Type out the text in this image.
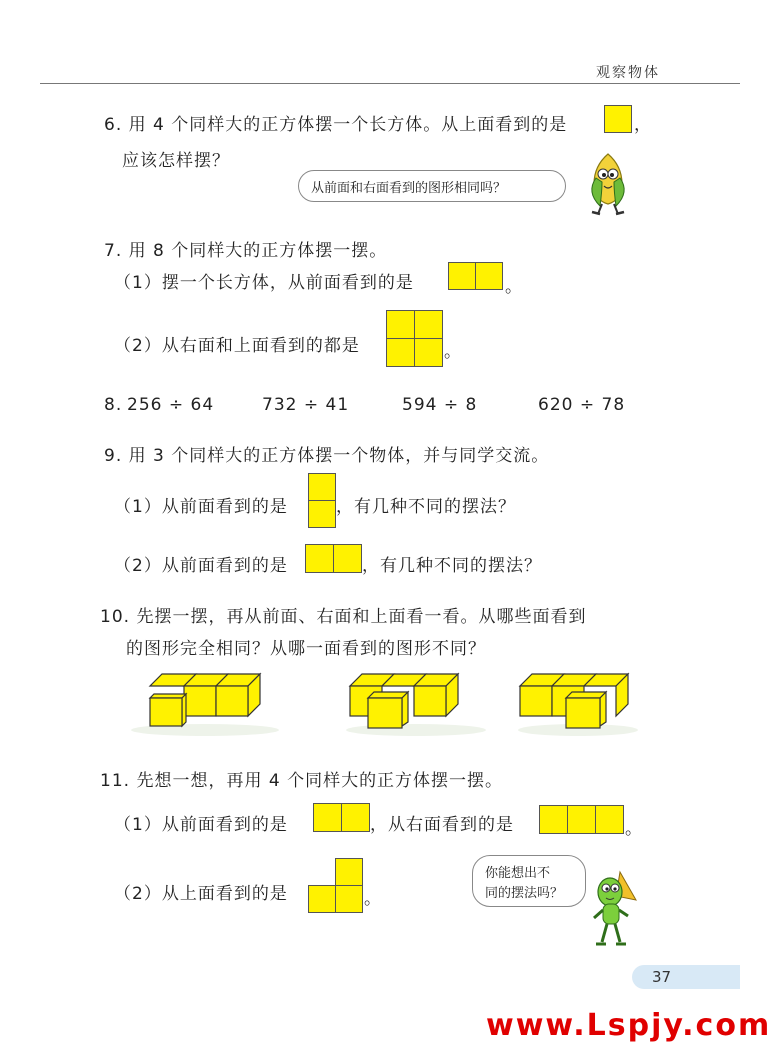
观察物体
6. 用 4 个同样大的正方体摆一个长方体。从上面看到的是	，
应该怎样摆？
从前面和右面看到的图形相同吗？
7. 用 8 个同样大的正方体摆一摆。
（1）摆一个长方体，从前面看到的是	。
（2）从右面和上面看到的都是	。
8. 256 ÷ 64	732 ÷ 41	594 ÷ 8	620 ÷ 78
9. 用 3 个同样大的正方体摆一个物体，并与同学交流。
（1）从前面看到的是	，有几种不同的摆法？
（2）从前面看到的是	，有几种不同的摆法？
10. 先摆一摆，再从前面、右面和上面看一看。从哪些面看到
的图形完全相同？从哪一面看到的图形不同？
11. 先想一想，再用 4 个同样大的正方体摆一摆。
（1）从前面看到的是	，从右面看到的是	。
（2）从上面看到的是	。
你能想出不
同的摆法吗？
37
www.Lspjy.com
